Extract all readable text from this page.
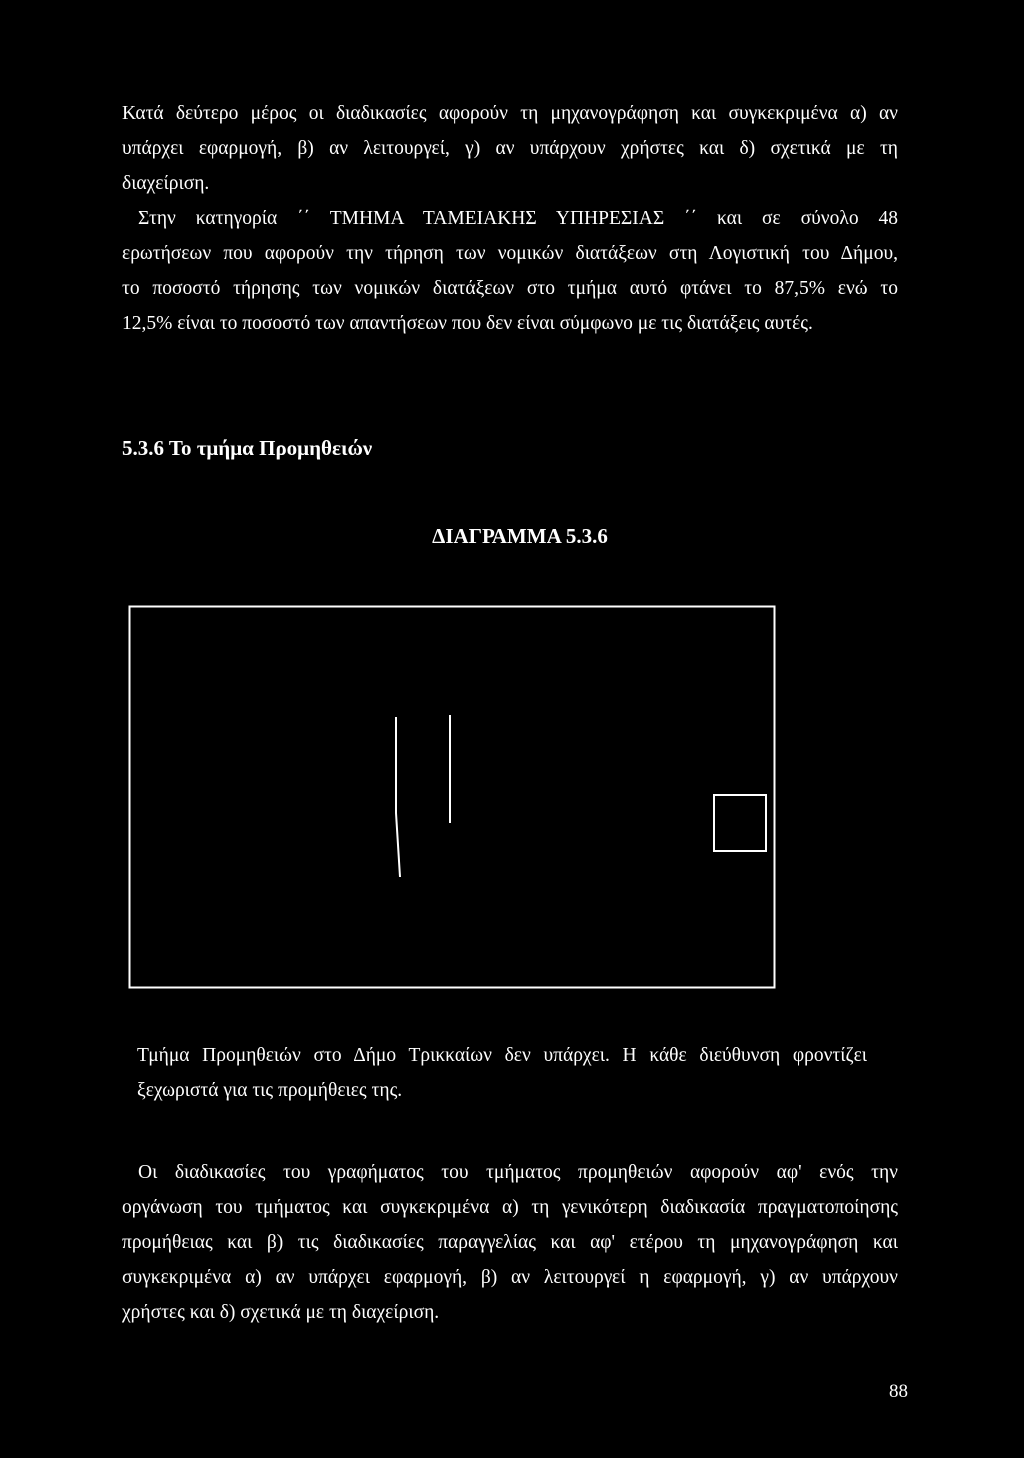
Κατά δεύτερο μέρος οι διαδικασίες αφορούν τη μηχανογράφηση και συγκεκριμένα α) αν
υπάρχει εφαρμογή, β) αν λειτουργεί, γ) αν υπάρχουν χρήστες και δ) σχετικά με τη
διαχείριση.
Στην κατηγορία ΄΄ ΤΜΗΜΑ ΤΑΜΕΙΑΚΗΣ ΥΠΗΡΕΣΙΑΣ ΄΄ και σε σύνολο 48
ερωτήσεων που αφορούν την τήρηση των νομικών διατάξεων στη Λογιστική του Δήμου,
το ποσοστό τήρησης των νομικών διατάξεων στο τμήμα αυτό φτάνει το 87,5% ενώ το
12,5% είναι το ποσοστό των απαντήσεων που δεν είναι σύμφωνο με τις διατάξεις αυτές.

5.3.6 Το τμήμα Προμηθειών
ΔΙΑΓΡΑΜΜΑ 5.3.6

Τμήμα Προμηθειών στο Δήμο Τρικκαίων δεν υπάρχει. Η κάθε διεύθυνση φροντίζει
ξεχωριστά για τις προμήθειες της.

Οι διαδικασίες του γραφήματος του τμήματος προμηθειών αφορούν αφ' ενός την
οργάνωση του τμήματος και συγκεκριμένα α) τη γενικότερη διαδικασία πραγματοποίησης
προμήθειας και β) τις διαδικασίες παραγγελίας και αφ' ετέρου τη μηχανογράφηση και
συγκεκριμένα α) αν υπάρχει εφαρμογή, β) αν λειτουργεί η εφαρμογή, γ) αν υπάρχουν
χρήστες και δ) σχετικά με τη διαχείριση.

88
